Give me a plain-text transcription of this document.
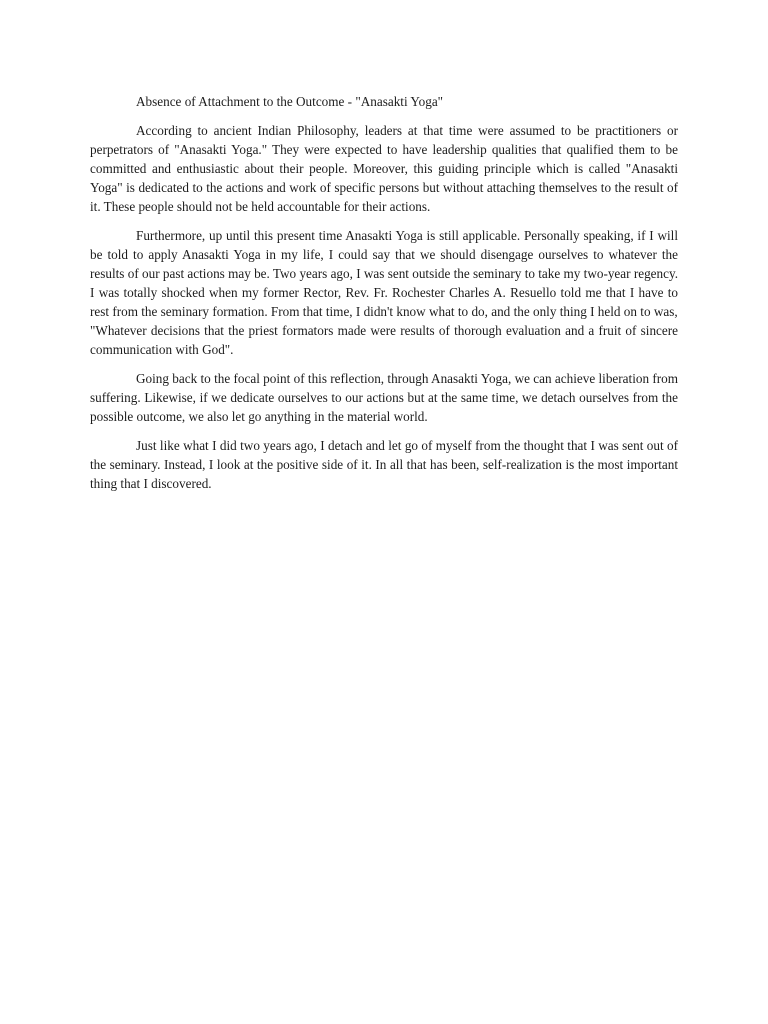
Absence of Attachment to the Outcome - "Anasakti Yoga"

According to ancient Indian Philosophy, leaders at that time were assumed to be practitioners or perpetrators of "Anasakti Yoga." They were expected to have leadership qualities that qualified them to be committed and enthusiastic about their people. Moreover, this guiding principle which is called "Anasakti Yoga" is dedicated to the actions and work of specific persons but without attaching themselves to the result of it. These people should not be held accountable for their actions.

Furthermore, up until this present time Anasakti Yoga is still applicable. Personally speaking, if I will be told to apply Anasakti Yoga in my life, I could say that we should disengage ourselves to whatever the results of our past actions may be. Two years ago, I was sent outside the seminary to take my two-year regency. I was totally shocked when my former Rector, Rev. Fr. Rochester Charles A. Resuello told me that I have to rest from the seminary formation. From that time, I didn't know what to do, and the only thing I held on to was,
"Whatever decisions that the priest formators made were results of thorough evaluation and a fruit of sincere communication with God".

Going back to the focal point of this reflection, through Anasakti Yoga, we can achieve liberation from suffering. Likewise, if we dedicate ourselves to our actions but at the same time, we detach ourselves from the possible outcome, we also let go anything in the material world.

Just like what I did two years ago, I detach and let go of myself from the thought that I was sent out of the seminary. Instead, I look at the positive side of it. In all that has been, self-realization is the most important thing that I discovered.
